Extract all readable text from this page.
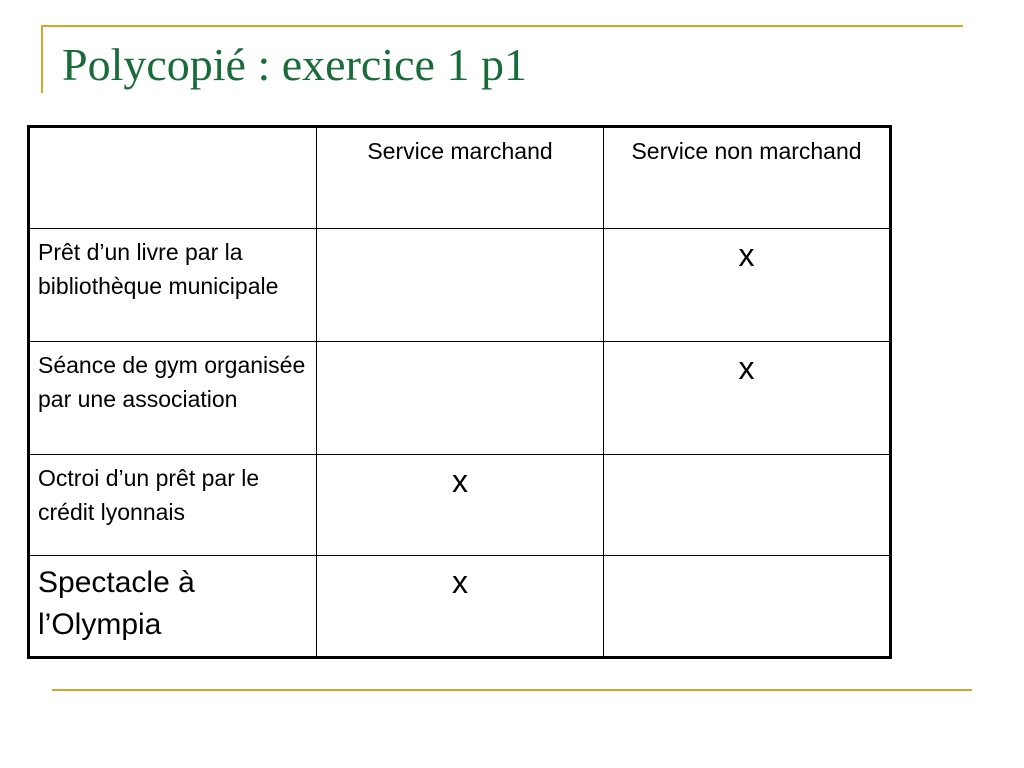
Polycopié : exercice 1 p1
	Service marchand	Service non marchand
Prêt d’un livre par la bibliothèque municipale		x
Séance de gym organisée par une association		x
Octroi d’un prêt par le crédit lyonnais	x	
Spectacle à l’Olympia	x	
